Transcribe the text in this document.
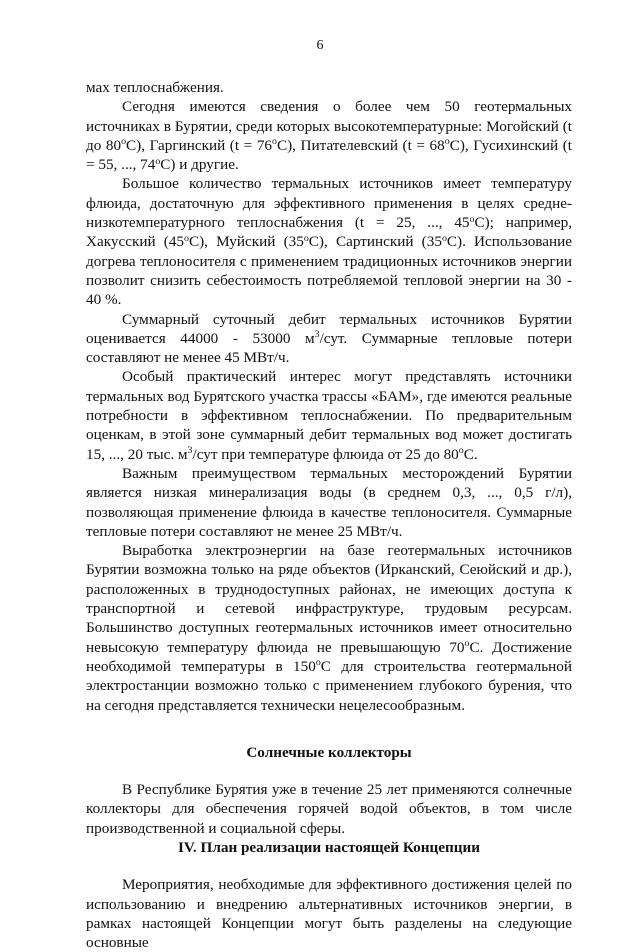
6

мах теплоснабжения.

Сегодня имеются сведения о более чем 50 геотермальных источниках в Бурятии, среди которых высокотемпературные: Могойский (t до $80^оС$), Гаргинский $(t = 76^оС)$, Питателевский $(t = 68^оС)$, Гусихинский (t = 55, ..., $74^оС$) и другие.

Большое количество термальных источников имеет температуру флюида, достаточную для эффективного применения в целях средне-низкотемпературного теплоснабжения (t = 25, ..., $45^оС$); например, Хакусский $(45^оС)$, Муйский $(35^оС)$, Сартинский $(35^оС)$. Использование догрева теплоносителя с применением традиционных источников энергии позволит снизить себестоимость потребляемой тепловой энергии на 30 - 40 %.

Суммарный суточный дебит термальных источников Бурятии оценивается 44000 - 53000 $м^3$/сут. Суммарные тепловые потери составляют не менее 45 МВт/ч.

Особый практический интерес могут представлять источники термальных вод Бурятского участка трассы «БАМ», где имеются реальные потребности в эффективном теплоснабжении. По предварительным оценкам, в этой зоне суммарный дебит термальных вод может достигать 15, ..., 20 тыс. $м^3$/сут при температуре флюида от 25 до $80^оС$.

Важным преимуществом термальных месторождений Бурятии является низкая минерализация воды (в среднем 0,3, ..., 0,5 г/л), позволяющая применение флюида в качестве теплоносителя. Суммарные тепловые потери составляют не менее 25 МВт/ч.

Выработка электроэнергии на базе геотермальных источников Бурятии возможна только на ряде объектов (Ирканский, Сеюйский и др.), расположенных в труднодоступных районах, не имеющих доступа к транспортной и сетевой инфраструктуре, трудовым ресурсам. Большинство доступных геотермальных источников имеет относительно невысокую температуру флюида не превышающую $70^оС$. Достижение необходимой температуры в $150^оС$ для строительства геотермальной электростанции возможно только с применением глубокого бурения, что на сегодня представляется технически нецелесообразным.

Солнечные коллекторы

В Республике Бурятия уже в течение 25 лет применяются солнечные коллекторы для обеспечения горячей водой объектов, в том числе производственной и социальной сферы.

IV. План реализации настоящей Концепции

Мероприятия, необходимые для эффективного достижения целей по использованию и внедрению альтернативных источников энергии, в рамках настоящей Концепции могут быть разделены на следующие основные
